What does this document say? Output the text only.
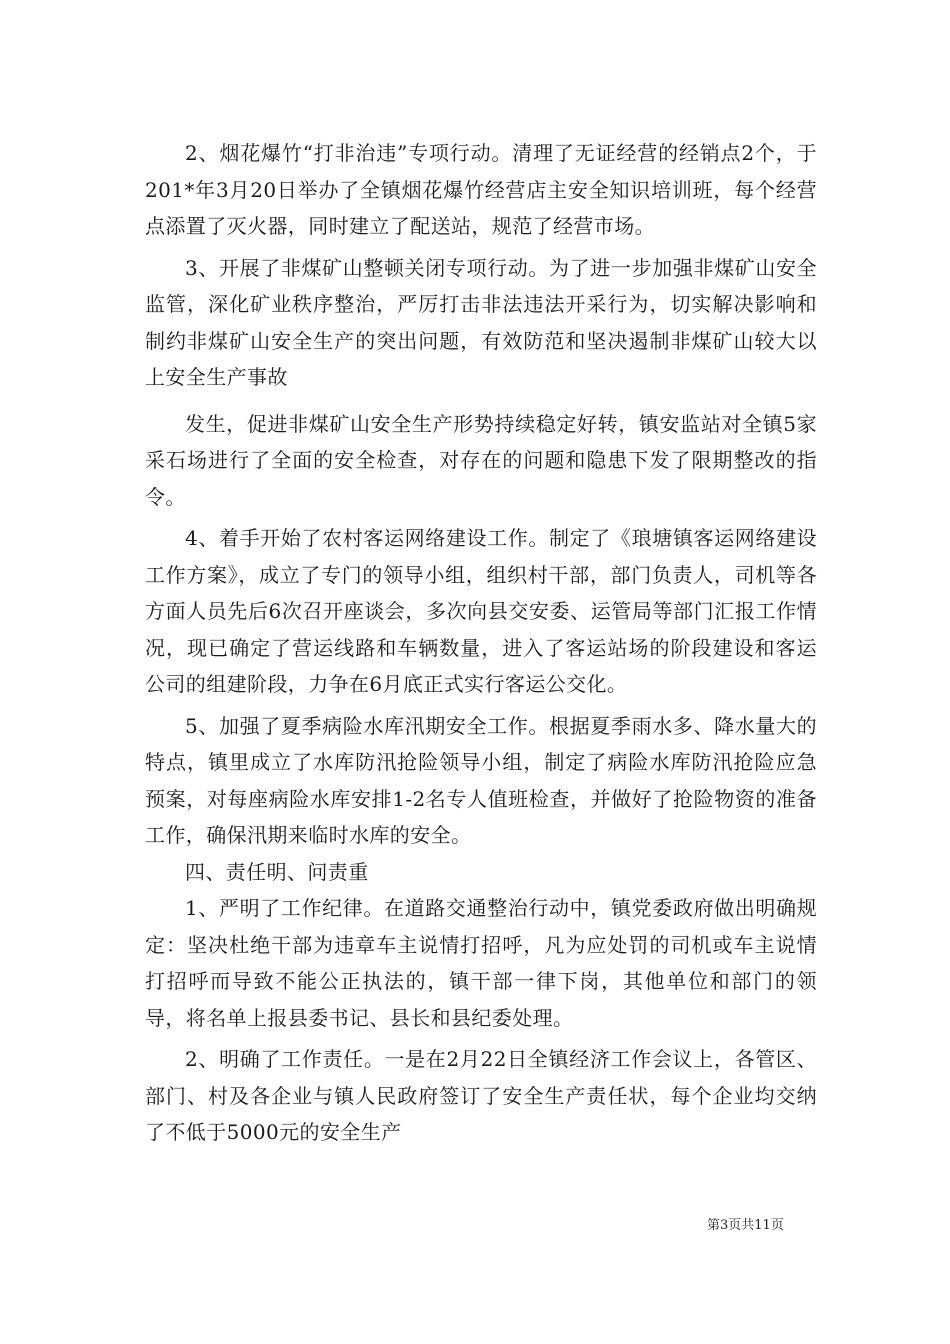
2、烟花爆竹“打非治违”专项行动。清理了无证经营的经销点2个，于201*年3月20日举办了全镇烟花爆竹经营店主安全知识培训班，每个经营点添置了灭火器，同时建立了配送站，规范了经营市场。

3、开展了非煤矿山整顿关闭专项行动。为了进一步加强非煤矿山安全监管，深化矿业秩序整治，严厉打击非法违法开采行为，切实解决影响和制约非煤矿山安全生产的突出问题，有效防范和坚决遏制非煤矿山较大以上安全生产事故

发生，促进非煤矿山安全生产形势持续稳定好转，镇安监站对全镇5家采石场进行了全面的安全检查，对存在的问题和隐患下发了限期整改的指令。

4、着手开始了农村客运网络建设工作。制定了《琅塘镇客运网络建设工作方案》，成立了专门的领导小组，组织村干部，部门负责人，司机等各方面人员先后6次召开座谈会，多次向县交安委、运管局等部门汇报工作情况，现已确定了营运线路和车辆数量，进入了客运站场的阶段建设和客运公司的组建阶段，力争在6月底正式实行客运公交化。

5、加强了夏季病险水库汛期安全工作。根据夏季雨水多、降水量大的特点，镇里成立了水库防汛抢险领导小组，制定了病险水库防汛抢险应急预案，对每座病险水库安排1-2名专人值班检查，并做好了抢险物资的准备工作，确保汛期来临时水库的安全。

四、责任明、问责重

1、严明了工作纪律。在道路交通整治行动中，镇党委政府做出明确规定：坚决杜绝干部为违章车主说情打招呼，凡为应处罚的司机或车主说情打招呼而导致不能公正执法的，镇干部一律下岗，其他单位和部门的领导，将名单上报县委书记、县长和县纪委处理。

2、明确了工作责任。一是在2月22日全镇经济工作会议上，各管区、部门、村及各企业与镇人民政府签订了安全生产责任状，每个企业均交纳了不低于5000元的安全生产

第3页共11页
